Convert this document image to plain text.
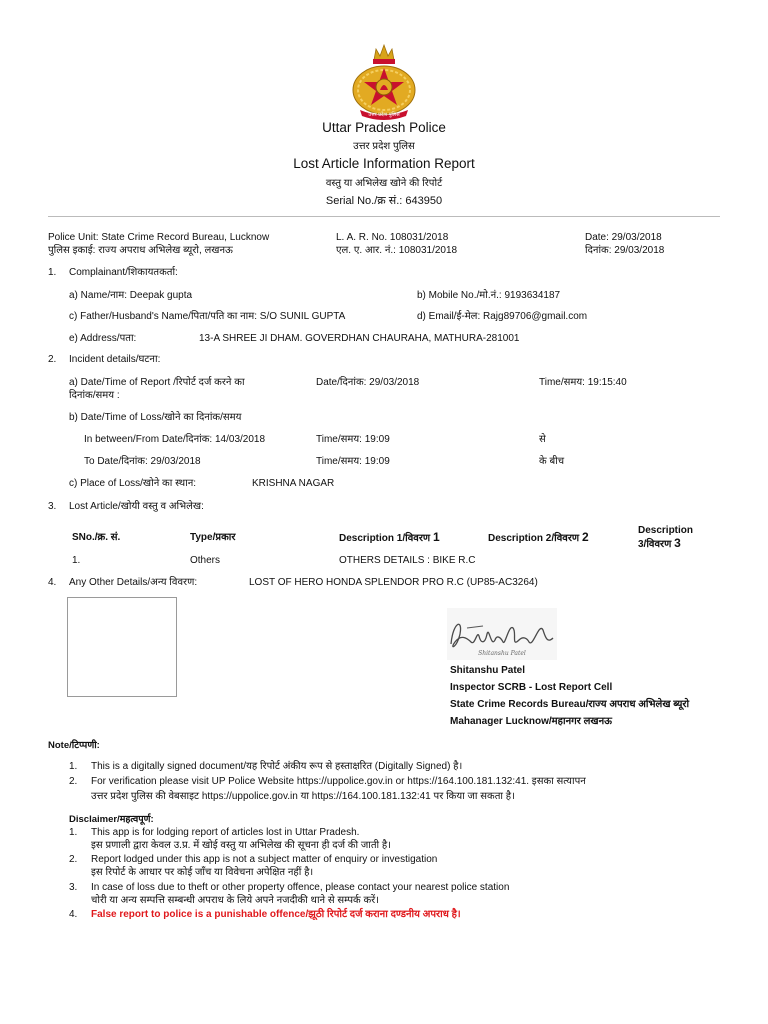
उत्तर प्रदेश पुलिस
Uttar Pradesh Police
उत्तर प्रदेश पुलिस
Lost Article Information Report
वस्तु या अभिलेख खोने की रिपोर्ट
Serial No./क्र सं.: 643950
Police Unit: State Crime Record Bureau, Lucknow
पुलिस इकाई: राज्य अपराध अभिलेख ब्यूरो, लखनऊ
L. A. R. No. 108031/2018
एल. ए. आर. नं.: 108031/2018
Date: 29/03/2018
दिनांक: 29/03/2018
1. Complainant/शिकायतकर्ता:
a) Name/नाम: Deepak gupta	b) Mobile No./मो.नं.: 9193634187
c) Father/Husband's Name/पिता/पति का नाम: S/O SUNIL GUPTA	d) Email/ई-मेल: Rajg89706@gmail.com
e) Address/पता:	13-A SHREE JI DHAM. GOVERDHAN CHAURAHA, MATHURA-281001
2. Incident details/घटना:
a) Date/Time of Report /रिपोर्ट दर्ज करने का
दिनांक/समय :
Date/दिनांक: 29/03/2018	Time/समय: 19:15:40
b) Date/Time of Loss/खोने का दिनांक/समय
In between/From Date/दिनांक: 14/03/2018	Time/समय: 19:09	से
To Date/दिनांक: 29/03/2018	Time/समय: 19:09	के बीच
c) Place of Loss/खोने का स्थान:	KRISHNA NAGAR
3. Lost Article/खोयी वस्तु व अभिलेख:
SNo./क्र. सं.	Type/प्रकार	Description 1/विवरण 1	Description 2/विवरण 2	Description
3/विवरण 3
1.	Others	OTHERS DETAILS : BIKE R.C
4. Any Other Details/अन्य विवरण:	LOST OF HERO HONDA SPLENDOR PRO R.C (UP85-AC3264)
Shitanshu Patel
Shitanshu Patel
Inspector SCRB - Lost Report Cell
State Crime Records Bureau/राज्य अपराध अभिलेख ब्यूरो
Mahanager Lucknow/महानगर लखनऊ
Note/टिप्पणी:
1. This is a digitally signed document/यह रिपोर्ट अंकीय रूप से हस्ताक्षरित (Digitally Signed) है।
2. For verification please visit UP Police Website https://uppolice.gov.in or https://164.100.181.132:41. इसका सत्यापन
उत्तर प्रदेश पुलिस की वेबसाइट https://uppolice.gov.in या https://164.100.181.132:41 पर किया जा सकता है।
Disclaimer/महत्वपूर्ण:
1. This app is for lodging report of articles lost in Uttar Pradesh.
इस प्रणाली द्वारा केवल उ.प्र. में खोई वस्तु या अभिलेख की सूचना ही दर्ज की जाती है।
2. Report lodged under this app is not a subject matter of enquiry or investigation
इस रिपोर्ट के आधार पर कोई जाँच या विवेचना अपेक्षित नहीं है।
3. In case of loss due to theft or other property offence, please contact your nearest police station
चोरी या अन्य सम्पत्ति सम्बन्धी अपराध के लिये अपने नजदीकी थाने से सम्पर्क करें।
4. False report to police is a punishable offence/झूठी रिपोर्ट दर्ज कराना दण्डनीय अपराध है।
